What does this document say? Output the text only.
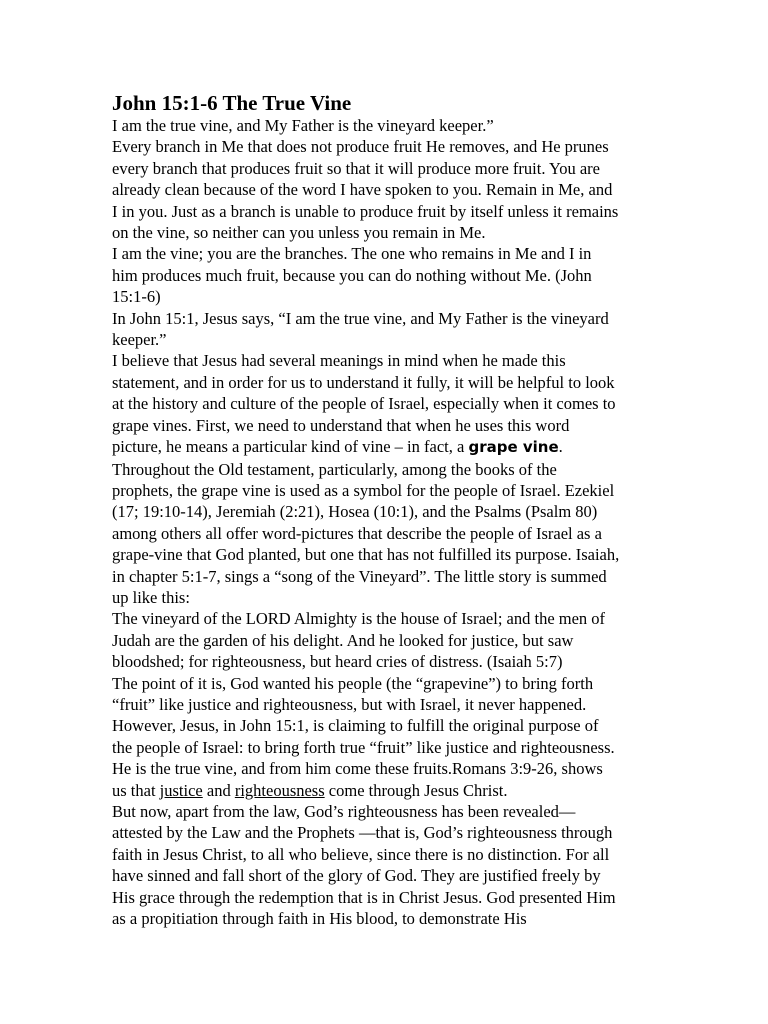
John 15:1-6 The True Vine

I am the true vine, and My Father is the vineyard keeper.”

Every branch in Me that does not produce fruit He removes, and He prunes
every branch that produces fruit so that it will produce more fruit. You are
already clean because of the word I have spoken to you. Remain in Me, and
I in you. Just as a branch is unable to produce fruit by itself unless it remains
on the vine, so neither can you unless you remain in Me.

I am the vine; you are the branches. The one who remains in Me and I in
him produces much fruit, because you can do nothing without Me. (John
15:1-6)

In John 15:1, Jesus says, “I am the true vine, and My Father is the vineyard
keeper.”

I believe that Jesus had several meanings in mind when he made this
statement, and in order for us to understand it fully, it will be helpful to look
at the history and culture of the people of Israel, especially when it comes to
grape vines. First, we need to understand that when he uses this word
picture, he means a particular kind of vine – in fact, a grape vine.

Throughout the Old testament, particularly, among the books of the
prophets, the grape vine is used as a symbol for the people of Israel. Ezekiel
(17; 19:10-14), Jeremiah (2:21), Hosea (10:1), and the Psalms (Psalm 80)
among others all offer word-pictures that describe the people of Israel as a
grape-vine that God planted, but one that has not fulfilled its purpose. Isaiah,
in chapter 5:1-7, sings a “song of the Vineyard”. The little story is summed
up like this:

The vineyard of the LORD Almighty is the house of Israel; and the men of
Judah are the garden of his delight. And he looked for justice, but saw
bloodshed; for righteousness, but heard cries of distress. (Isaiah 5:7)

The point of it is, God wanted his people (the “grapevine”) to bring forth
“fruit” like justice and righteousness, but with Israel, it never happened.
However, Jesus, in John 15:1, is claiming to fulfill the original purpose of
the people of Israel: to bring forth true “fruit” like justice and righteousness.
He is the true vine, and from him come these fruits.Romans 3:9-26, shows
us that justice and righteousness come through Jesus Christ.

But now, apart from the law, God’s righteousness has been revealed—
attested by the Law and the Prophets —that is, God’s righteousness through
faith in Jesus Christ, to all who believe, since there is no distinction. For all
have sinned and fall short of the glory of God. They are justified freely by
His grace through the redemption that is in Christ Jesus. God presented Him
as a propitiation through faith in His blood, to demonstrate His
